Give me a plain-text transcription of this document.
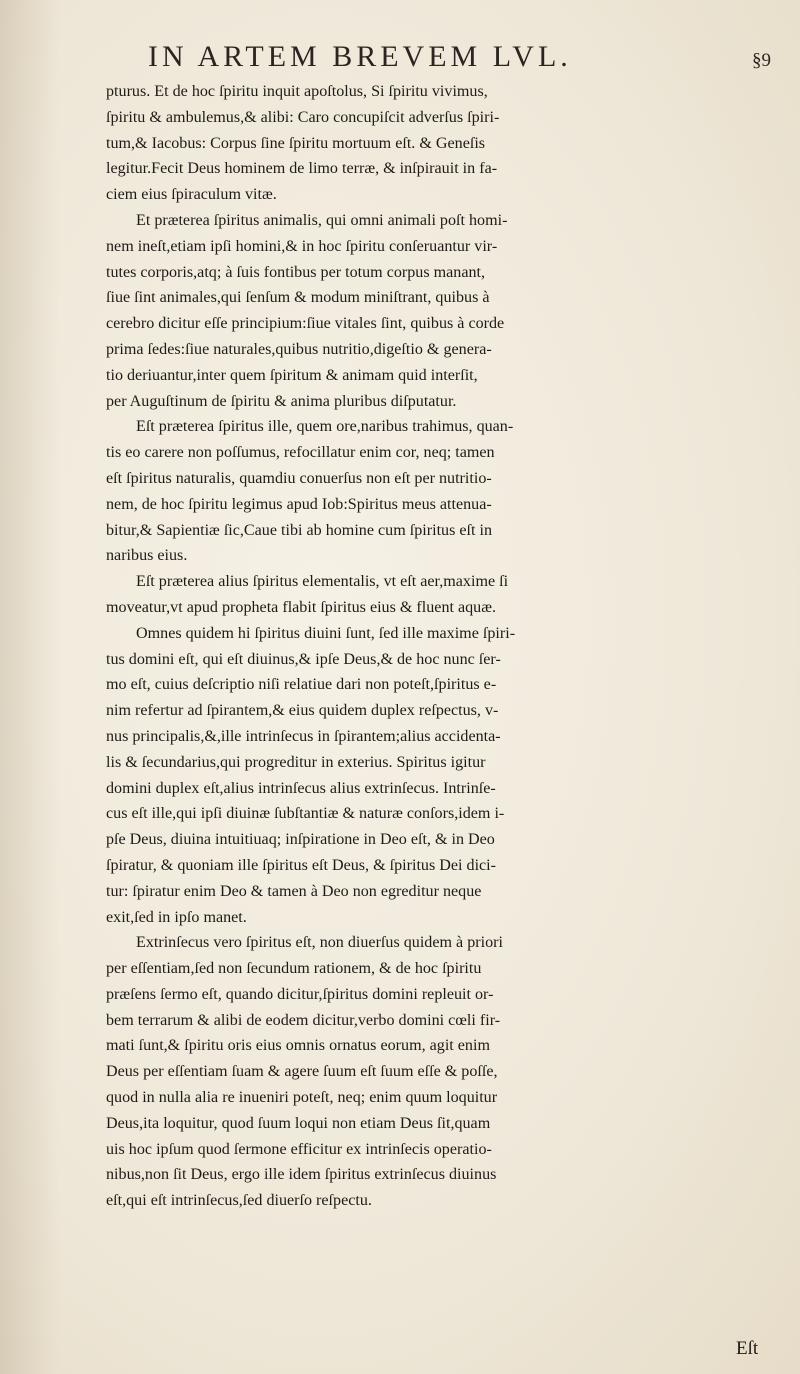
IN ARTEM BREVEM LVL.	§9
pturus. Et de hoc ſpiritu inquit apoſtolus, Si ſpiritu vivimus,
ſpiritu & ambulemus,& alibi: Caro concupiſcit adverſus ſpiri-
tum,& Iacobus: Corpus ſine ſpiritu mortuum eſt. & Geneſis
legitur.Fecit Deus hominem de limo terræ, & inſpirauit in fa-
ciem eius ſpiraculum vitæ.
Et præterea ſpiritus animalis, qui omni animali poſt homi-
nem ineſt,etiam ipſi homini,& in hoc ſpiritu conſeruantur vir-
tutes corporis,atq; à ſuis fontibus per totum corpus manant,
ſiue ſint animales,qui ſenſum & modum miniſtrant, quibus à
cerebro dicitur eſſe principium:ſiue vitales ſint, quibus à corde
prima ſedes:ſiue naturales,quibus nutritio,digeſtio & genera-
tio deriuantur,inter quem ſpiritum & animam quid interſit,
per Auguſtinum de ſpiritu & anima pluribus diſputatur.
Eſt prӕterea ſpiritus ille, quem ore,naribus trahimus, quan-
tis eo carere non poſſumus, refocillatur enim cor, neq; tamen
eſt ſpiritus naturalis, quamdiu conuerſus non eſt per nutritio-
nem, de hoc ſpiritu legimus apud Iob:Spiritus meus attenua-
bitur,& Sapientiæ ſic,Caue tibi ab homine cum ſpiritus eſt in
naribus eius.
Eſt præterea alius ſpiritus elementalis, vt eſt aer,maxime ſi
moveatur,vt apud propheta flabit ſpiritus eius & fluent aquæ.
Omnes quidem hi ſpiritus diuini ſunt, ſed ille maxime ſpiri-
tus domini eſt, qui eſt diuinus,& ipſe Deus,& de hoc nunc ſer-
mo eſt, cuius deſcriptio niſi relatiue dari non poteſt,ſpiritus e-
nim refertur ad ſpirantem,& eius quidem duplex reſpectus, v-
nus principalis,&,ille intrinſecus in ſpirantem;alius accidenta-
lis & ſecundarius,qui progreditur in exterius. Spiritus igitur
domini duplex eſt,alius intrinſecus alius extrinſecus. Intrinſe-
cus eſt ille,qui ipſi diuinæ ſubſtantiæ & naturæ conſors,idem i-
pſe Deus, diuina intuitiuaq; inſpiratione in Deo eſt, & in Deo
ſpiratur, & quoniam ille ſpiritus eſt Deus, & ſpiritus Dei dici-
tur: ſpiratur enim Deo & tamen à Deo non egreditur neque
exit,ſed in ipſo manet.
Extrinſecus vero ſpiritus eſt, non diuerſus quidem à priori
per eſſentiam,ſed non ſecundum rationem, & de hoc ſpiritu
præſens ſermo eſt, quando dicitur,ſpiritus domini repleuit or-
bem terrarum & alibi de eodem dicitur,verbo domini cœli fir-
mati ſunt,& ſpiritu oris eius omnis ornatus eorum, agit enim
Deus per eſſentiam ſuam & agere ſuum eſt ſuum eſſe & poſſe,
quod in nulla alia re inueniri poteſt, neq; enim quum loquitur
Deus,ita loquitur, quod ſuum loqui non etiam Deus ſit,quam
uis hoc ipſum quod ſermone efficitur ex intrinſecis operatio-
nibus,non ſit Deus, ergo ille idem ſpiritus extrinſecus diuinus
eſt,qui eſt intrinſecus,ſed diuerſo reſpectu.
Eſt
